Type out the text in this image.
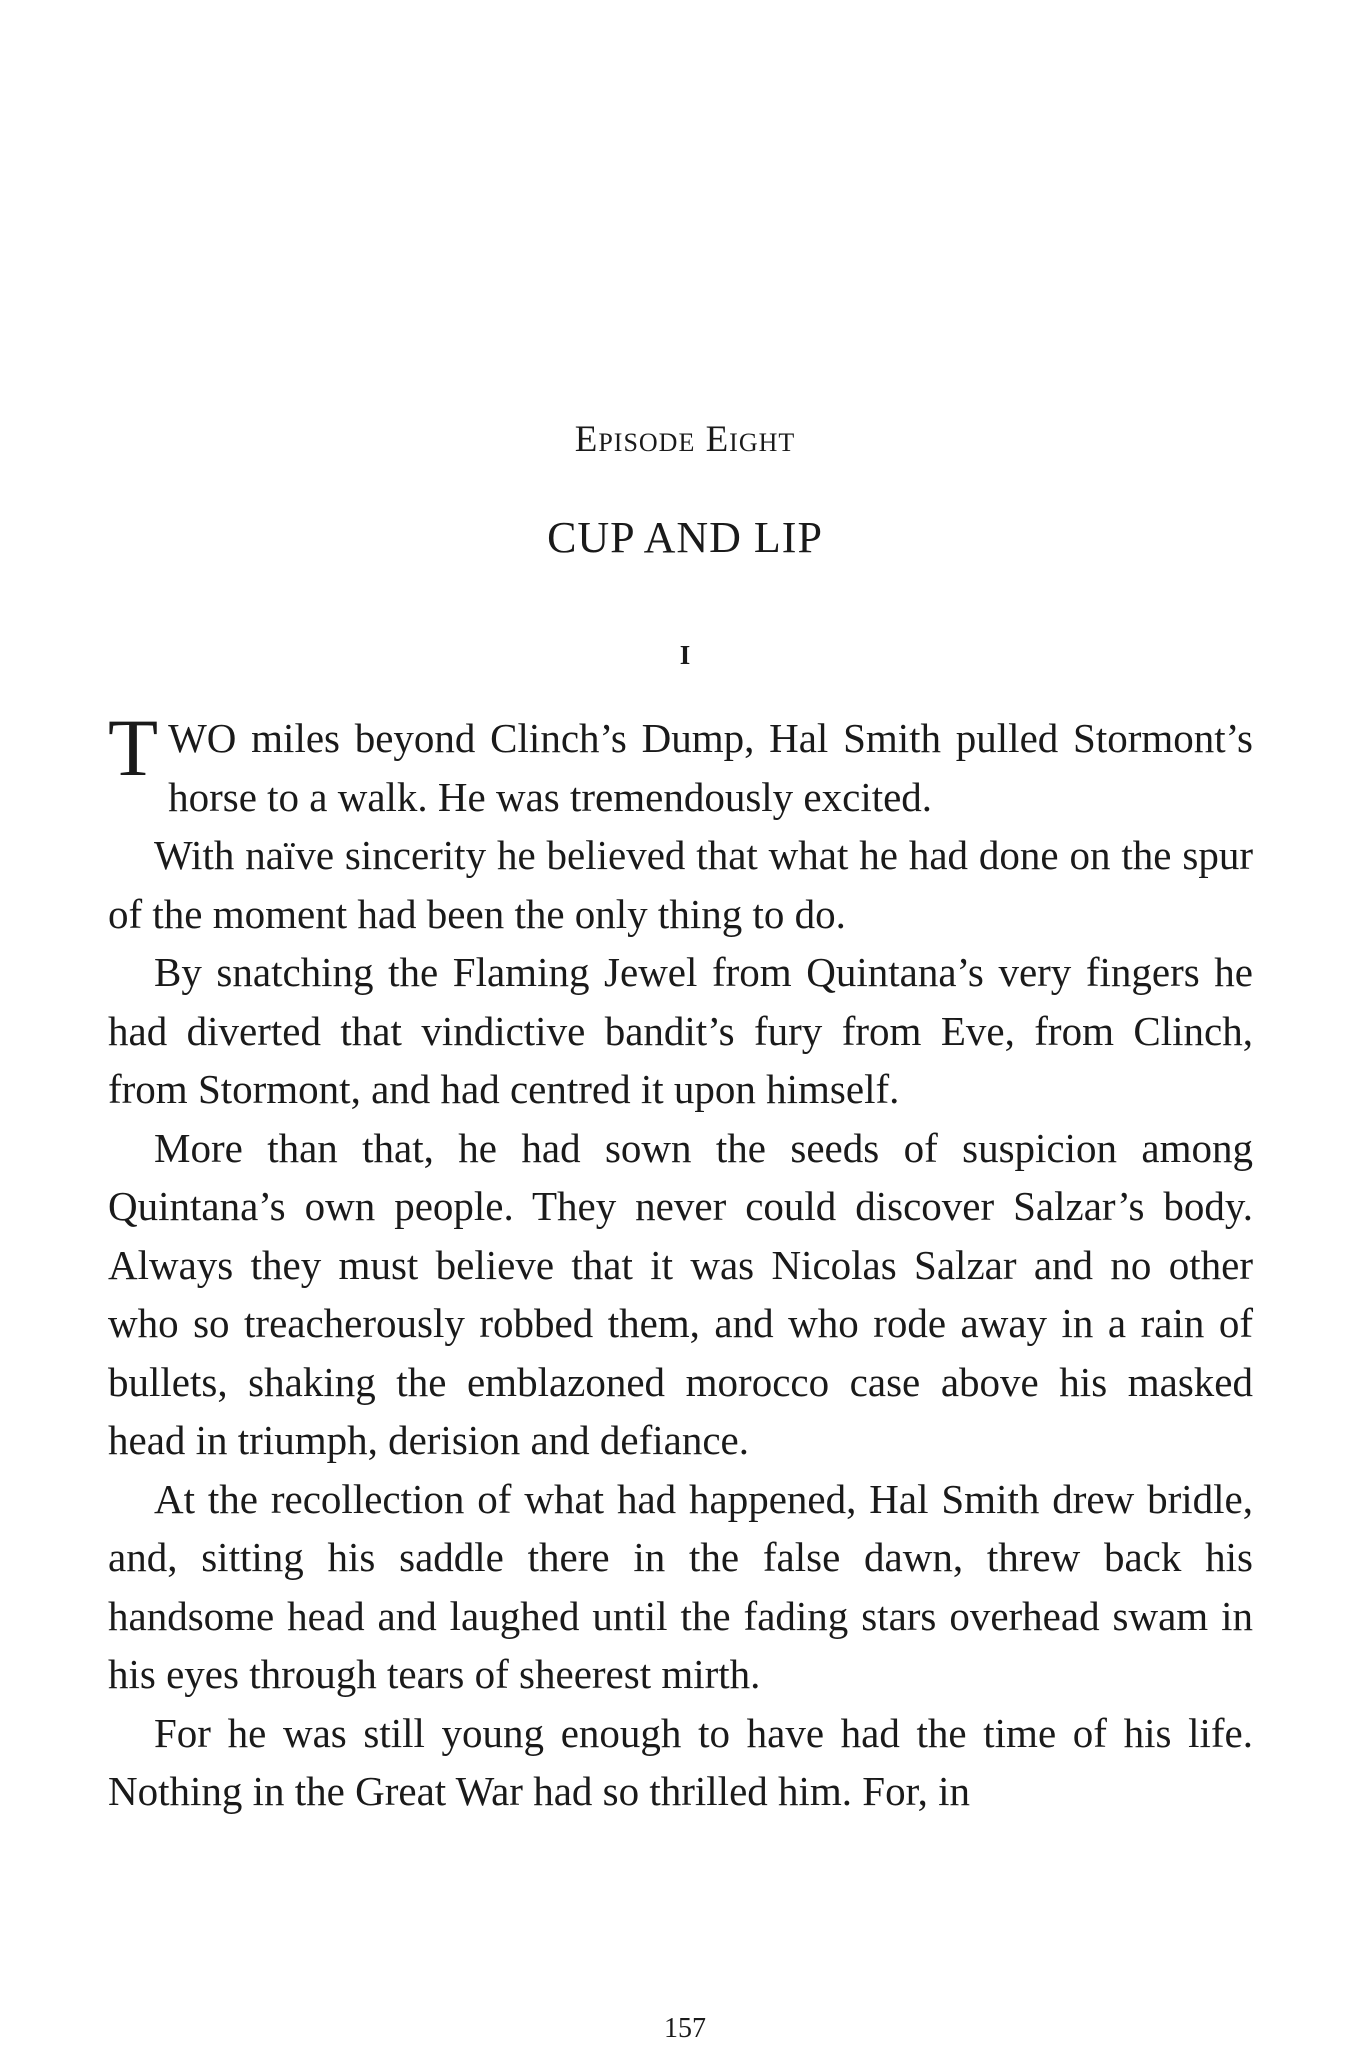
Episode Eight
CUP AND LIP
I

TWO miles beyond Clinch’s Dump, Hal Smith pulled Stormont’s horse to a walk. He was tremendously excited.

With naïve sincerity he believed that what he had done on the spur of the moment had been the only thing to do.

By snatching the Flaming Jewel from Quintana’s very fingers he had diverted that vindictive bandit’s fury from Eve, from Clinch, from Stormont, and had centred it upon himself.

More than that, he had sown the seeds of suspicion among Quintana’s own people. They never could discover Salzar’s body. Always they must believe that it was Nicolas Salzar and no other who so treacherously robbed them, and who rode away in a rain of bullets, shaking the emblazoned morocco case above his masked head in triumph, derision and defiance.

At the recollection of what had happened, Hal Smith drew bridle, and, sitting his saddle there in the false dawn, threw back his handsome head and laughed until the fading stars overhead swam in his eyes through tears of sheerest mirth.

For he was still young enough to have had the time of his life. Nothing in the Great War had so thrilled him. For, in

157
